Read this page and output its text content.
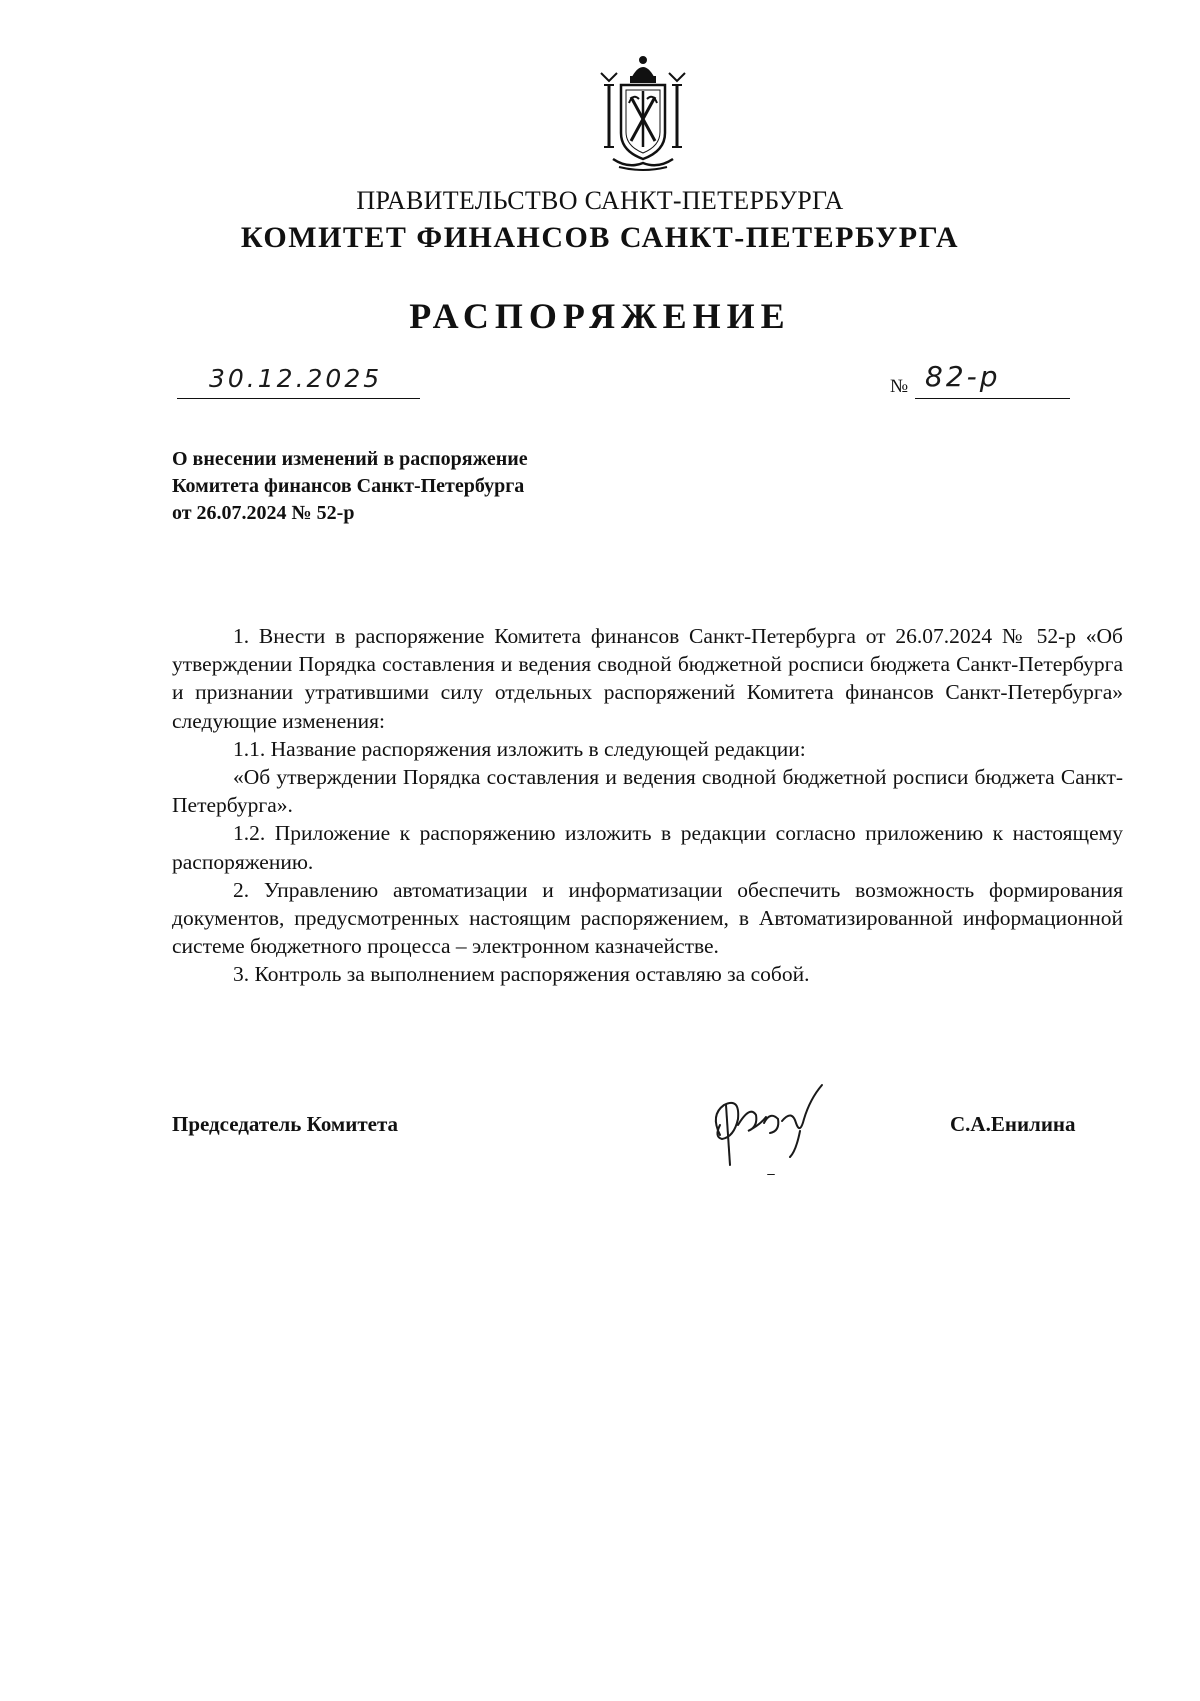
ПРАВИТЕЛЬСТВО САНКТ-ПЕТЕРБУРГА
КОМИТЕТ ФИНАНСОВ САНКТ-ПЕТЕРБУРГА
РАСПОРЯЖЕНИЕ
30.12.2025	№ 82-р
О внесении изменений в распоряжение
Комитета финансов Санкт-Петербурга
от 26.07.2024 № 52-р

1. Внести в распоряжение Комитета финансов Санкт-Петербурга от 26.07.2024 № 52-р «Об утверждении Порядка составления и ведения сводной бюджетной росписи бюджета Санкт-Петербурга и признании утратившими силу отдельных распоряжений Комитета финансов Санкт-Петербурга» следующие изменения:

1.1. Название распоряжения изложить в следующей редакции:

«Об утверждении Порядка составления и ведения сводной бюджетной росписи бюджета Санкт-Петербурга».

1.2. Приложение к распоряжению изложить в редакции согласно приложению к настоящему распоряжению.

2. Управлению автоматизации и информатизации обеспечить возможность формирования документов, предусмотренных настоящим распоряжением, в Автоматизированной информационной системе бюджетного процесса – электронном казначействе.

3. Контроль за выполнением распоряжения оставляю за собой.

Председатель Комитета	С.А.Енилина
